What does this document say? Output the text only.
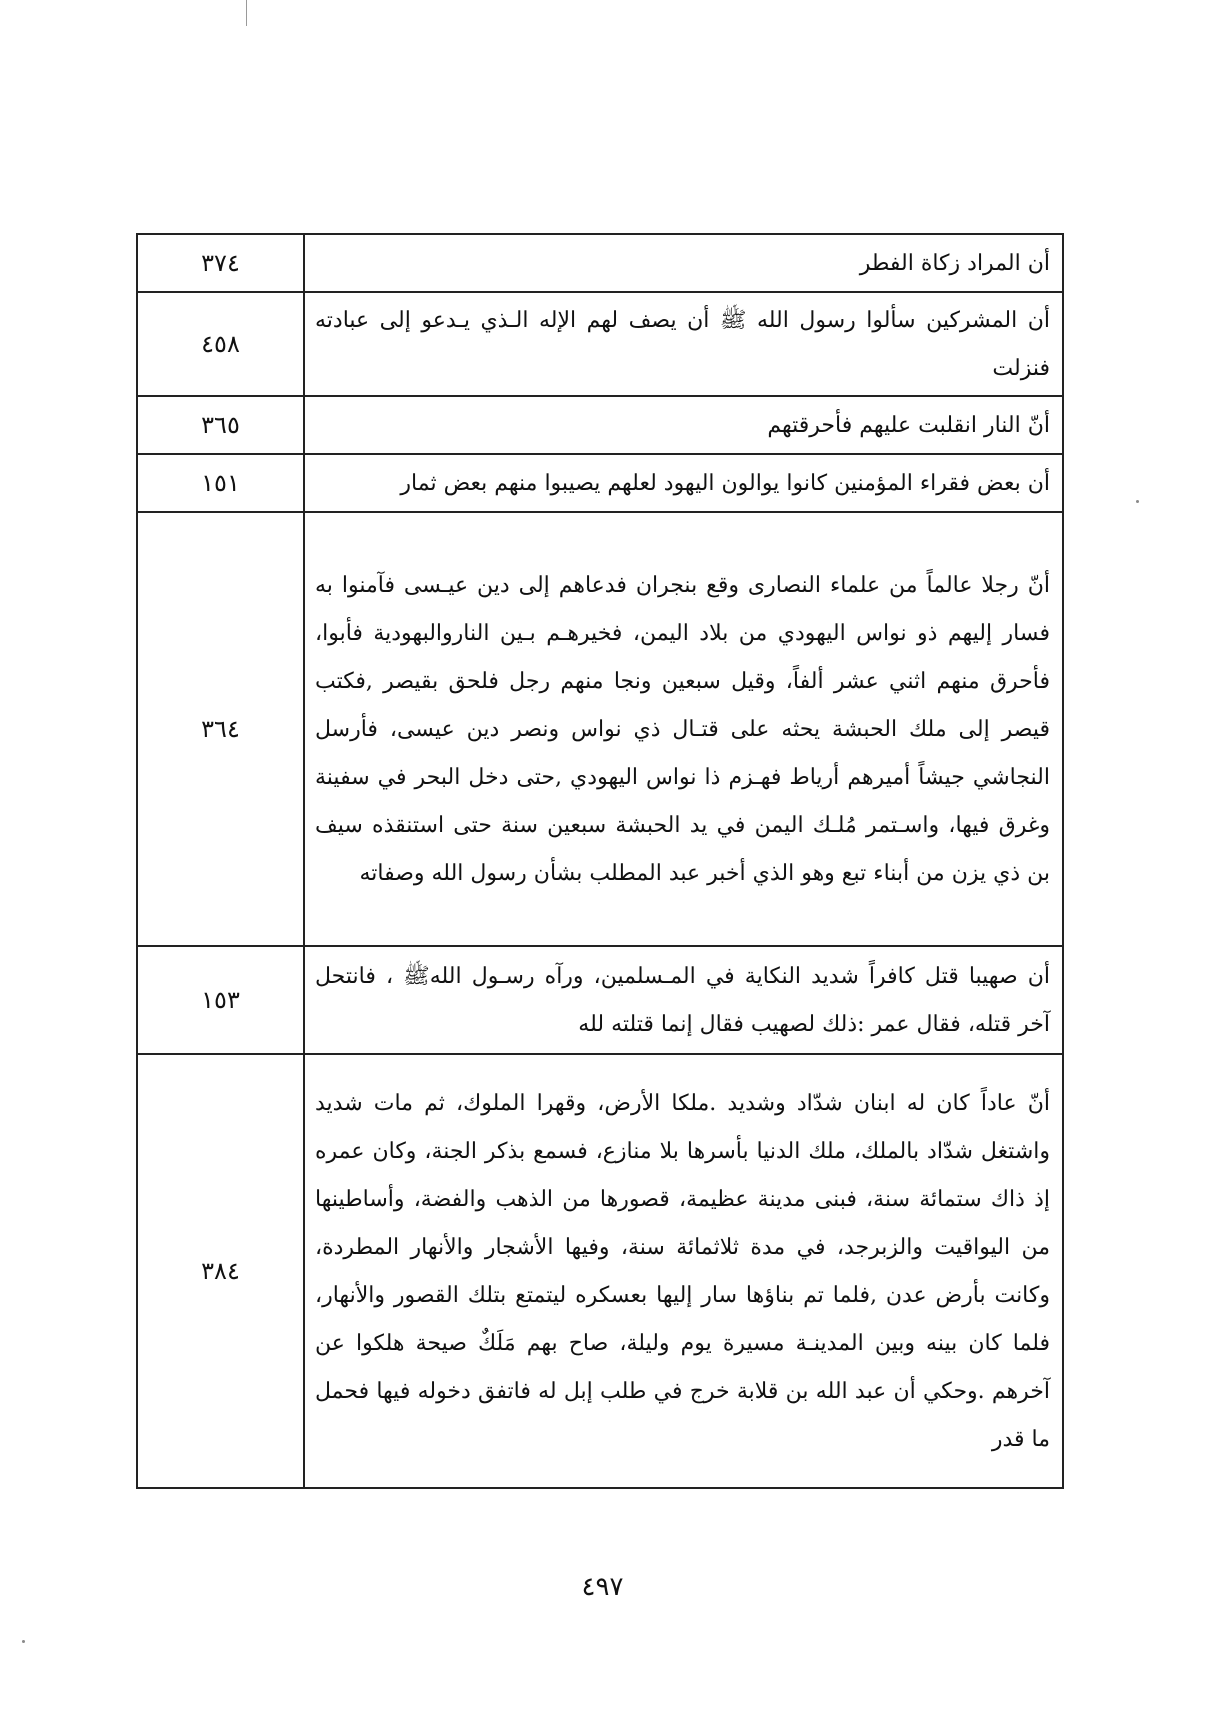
أن المراد زكاة الفطر	٣٧٤
أن المشركين سألوا رسول الله ﷺ أن يصف لهم الإله الـذي يـدعو إلى عبادته فنزلت	٤٥٨
أنّ النار انقلبت عليهم فأحرقتهم	٣٦٥
أن بعض فقراء المؤمنين كانوا يوالون اليهود لعلهم يصيبوا منهم بعض ثمار	١٥١
أنّ رجلا عالماً من علماء النصارى وقع بنجران فدعاهم إلى دين عيـسى فآمنوا به فسار إليهم ذو نواس اليهودي من بلاد اليمن، فخيرهـم بـين الناروالبهودية فأبوا، فأحرق منهم اثني عشر ألفاً، وقيل سبعين ونجا منهم رجل فلحق بقيصر ,فكتب قيصر إلى ملك الحبشة يحثه على قتـال ذي نواس ونصر دين عيسى، فأرسل النجاشي جيشاً أميرهم أرياط فهـزم ذا نواس اليهودي ,حتى دخل البحر في سفينة وغرق فيها، واسـتمر مُلـك اليمن في يد الحبشة سبعين سنة حتى استنقذه سيف بن ذي يزن من أبناء تبع وهو الذي أخبر عبد المطلب بشأن رسول الله وصفاته	٣٦٤
أن صهيبا قتل كافراً شديد النكاية في المـسلمين، ورآه رسـول اللهﷺ ، فانتحل آخر قتله، فقال عمر :ذلك لصهيب فقال إنما قتلته لله	١٥٣
أنّ عاداً كان له ابنان شدّاد وشديد .ملكا الأرض، وقهرا الملوك، ثم مات شديد واشتغل شدّاد بالملك، ملك الدنيا بأسرها بلا منازع، فسمع بذكر الجنة، وكان عمره إذ ذاك ستمائة سنة، فبنى مدينة عظيمة، قصورها من الذهب والفضة، وأساطينها من اليواقيت والزبرجد، في مدة ثلاثمائة سنة، وفيها الأشجار والأنهار المطردة، وكانت بأرض عدن ,فلما تم بناؤها سار إليها بعسكره ليتمتع بتلك القصور والأنهار، فلما كان بينه وبين المدينـة مسيرة يوم وليلة، صاح بهم مَلَكٌ صيحة هلكوا عن آخرهم .وحكي أن عبد الله بن قلابة خرج في طلب إبل له فاتفق دخوله فيها فحمل ما قدر	٣٨٤
٤٩٧
